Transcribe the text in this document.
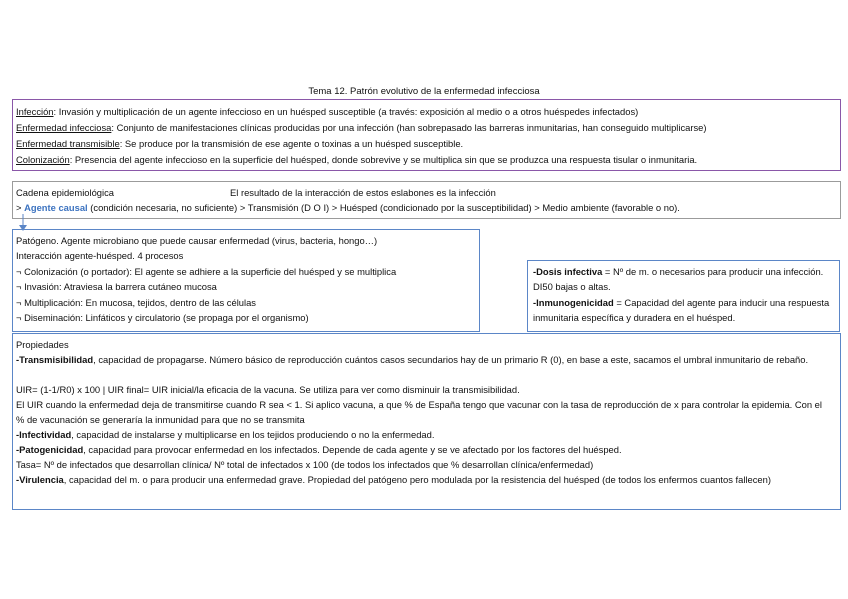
Tema 12. Patrón evolutivo de la enfermedad infecciosa
Infección: Invasión y multiplicación de un agente infeccioso en un huésped susceptible (a través: exposición al medio o a otros huéspedes infectados)
Enfermedad infecciosa: Conjunto de manifestaciones clínicas producidas por una infección (han sobrepasado las barreras inmunitarias, han conseguido multiplicarse)
Enfermedad transmisible: Se produce por la transmisión de ese agente o toxinas a un huésped susceptible.
Colonización: Presencia del agente infeccioso en la superficie del huésped, donde sobrevive y se multiplica sin que se produzca una respuesta tisular o inmunitaria.
Cadena epidemiológica	El resultado de la interacción de estos eslabones es la infección
> Agente causal (condición necesaria, no suficiente) > Transmisión (D O I) > Huésped (condicionado por la susceptibilidad) > Medio ambiente (favorable o no).
Patógeno. Agente microbiano que puede causar enfermedad (virus, bacteria, hongo…)
Interacción agente-huésped. 4 procesos
¬ Colonización (o portador): El agente se adhiere a la superficie del huésped y se multiplica
¬ Invasión: Atraviesa la barrera cutáneo mucosa
¬ Multiplicación: En mucosa, tejidos, dentro de las células
¬ Diseminación: Linfáticos y circulatorio (se propaga por el organismo)
-Dosis infectiva = Nº de m. o necesarios para producir una infección. DI50 bajas o altas.
-Inmunogenicidad = Capacidad del agente para inducir una respuesta inmunitaria específica y duradera en el huésped.
Propiedades
-Transmisibilidad, capacidad de propagarse. Número básico de reproducción cuántos casos secundarios hay de un primario R (0), en base a este, sacamos el umbral inmunitario de rebaño.
UIR= (1-1/R0) x 100 | UIR final= UIR inicial/la eficacia de la vacuna. Se utiliza para ver como disminuir la transmisibilidad.
El UIR cuando la enfermedad deja de transmitirse cuando R sea < 1. Si aplico vacuna, a que % de España tengo que vacunar con la tasa de reproducción de x para controlar la epidemia. Con el % de vacunación se generaría la inmunidad para que no se transmita
-Infectividad, capacidad de instalarse y multiplicarse en los tejidos produciendo o no la enfermedad.
-Patogenicidad, capacidad para provocar enfermedad en los infectados. Depende de cada agente y se ve afectado por los factores del huésped.
Tasa= Nº de infectados que desarrollan clínica/ Nº total de infectados x 100 (de todos los infectados que % desarrollan clínica/enfermedad)
-Virulencia, capacidad del m. o para producir una enfermedad grave. Propiedad del patógeno pero modulada por la resistencia del huésped (de todos los enfermos cuantos fallecen)
